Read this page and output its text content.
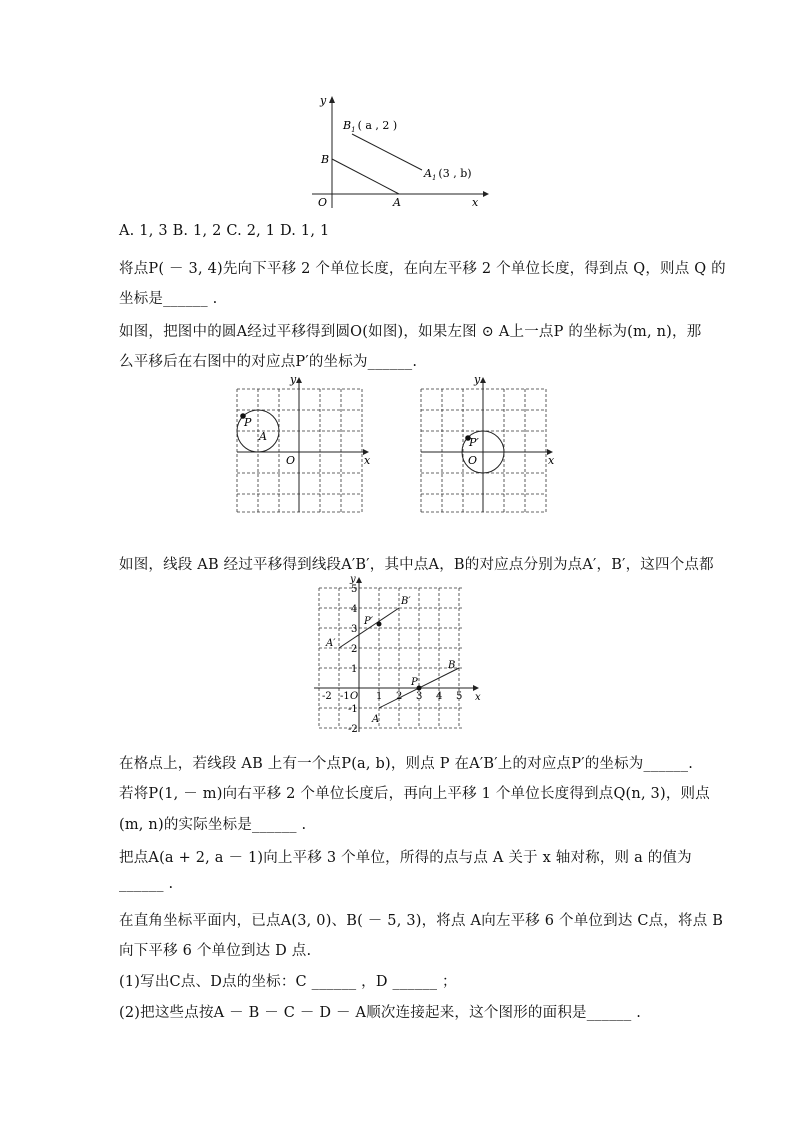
y
x
O
B
A
$B_1$ ( a , 2 )
$A_1$ (3 , b)
A. 1, 3 B. 1, 2 C. 2, 1 D. 1, 1
将点P( － 3, 4)先向下平移 2 个单位长度，在向左平移 2 个单位长度，得到点 Q，则点 Q 的
坐标是______ .
如图，把图中的圆A经过平移得到圆O(如图)，如果左图 ⊙ A上一点P 的坐标为(m, n)，那
么平移后在右图中的对应点P′的坐标为______.
y
x
O
P
A
y
x
O
P′
如图，线段 AB 经过平移得到线段A′B′，其中点A，B的对应点分别为点A′，B′，这四个点都
y
x
O
-2 -1	1 2 3 4 5
5
4
3
2
1
-1
-2
A
B
P
A′
B′
P′
在格点上，若线段 AB 上有一个点P(a, b)，则点 P 在A′B′上的对应点P′的坐标为______.
若将P(1, － m)向右平移 2 个单位长度后，再向上平移 1 个单位长度得到点Q(n, 3)，则点
(m, n)的实际坐标是______ .
把点A(a + 2, a － 1)向上平移 3 个单位，所得的点与点 A 关于 x 轴对称，则 a 的值为
______ .
在直角坐标平面内，已点A(3, 0)、B( － 5, 3)，将点 A向左平移 6 个单位到达 C点，将点 B
向下平移 6 个单位到达 D 点.
(1)写出C点、D点的坐标：C ______ ，D ______ ；
(2)把这些点按A － B － C － D － A顺次连接起来，这个图形的面积是______ .
